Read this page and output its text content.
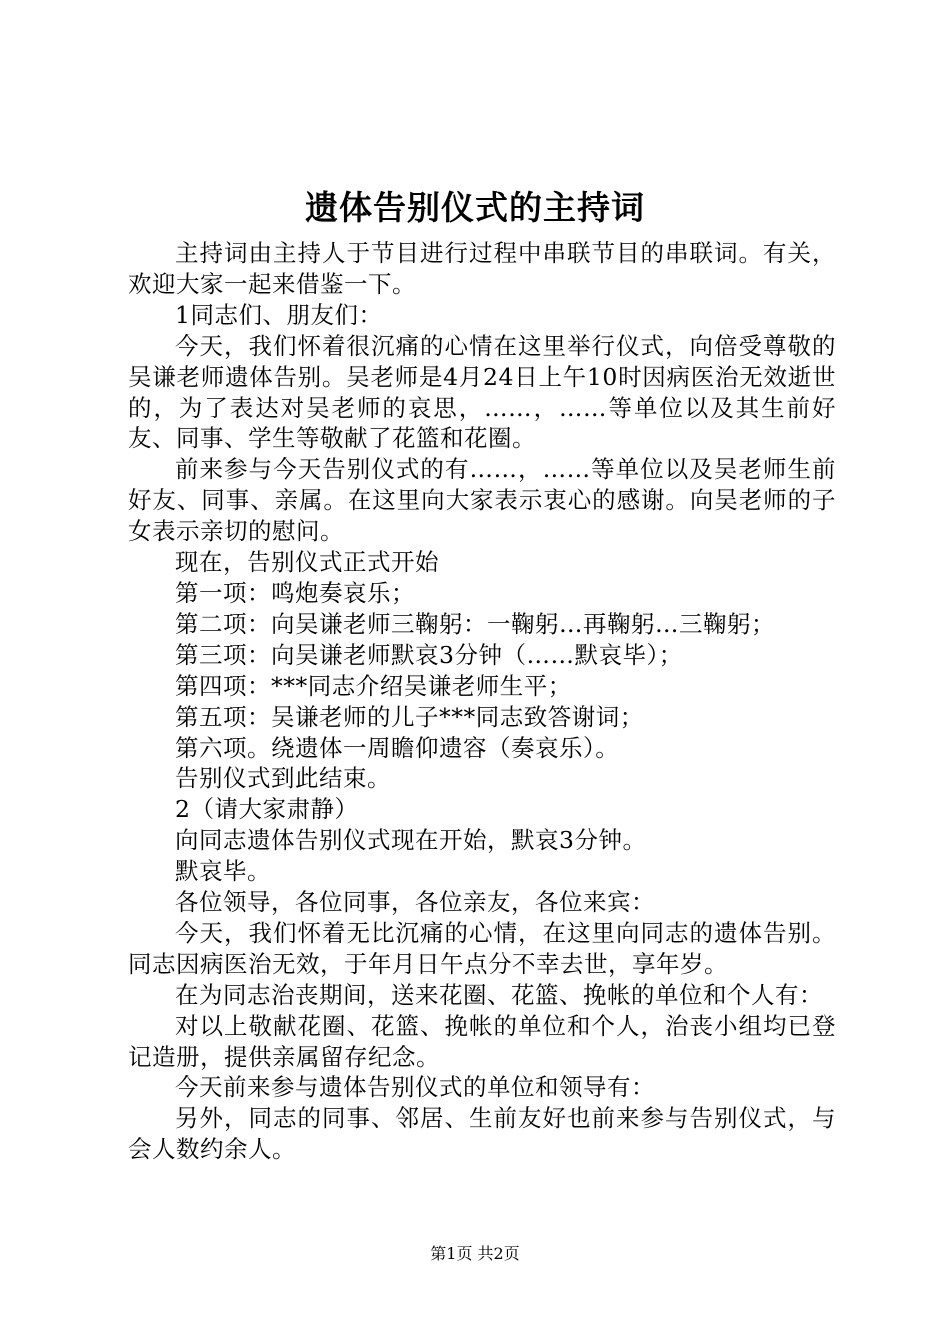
遗体告别仪式的主持词

主持词由主持人于节目进行过程中串联节目的串联词。有关，欢迎大家一起来借鉴一下。

1同志们、朋友们：

今天，我们怀着很沉痛的心情在这里举行仪式，向倍受尊敬的吴谦老师遗体告别。吴老师是4月24日上午10时因病医治无效逝世的，为了表达对吴老师的哀思，……，……等单位以及其生前好友、同事、学生等敬献了花篮和花圈。

前来参与今天告别仪式的有……，……等单位以及吴老师生前好友、同事、亲属。在这里向大家表示衷心的感谢。向吴老师的子女表示亲切的慰问。

现在，告别仪式正式开始

第一项：鸣炮奏哀乐；

第二项：向吴谦老师三鞠躬：一鞠躬…再鞠躬…三鞠躬；

第三项：向吴谦老师默哀3分钟（……默哀毕）；

第四项：***同志介绍吴谦老师生平；

第五项：吴谦老师的儿子***同志致答谢词；

第六项。绕遗体一周瞻仰遗容（奏哀乐）。

告别仪式到此结束。

2（请大家肃静）

向同志遗体告别仪式现在开始，默哀3分钟。

默哀毕。

各位领导，各位同事，各位亲友，各位来宾：

今天，我们怀着无比沉痛的心情，在这里向同志的遗体告别。同志因病医治无效，于年月日午点分不幸去世，享年岁。

在为同志治丧期间，送来花圈、花篮、挽帐的单位和个人有：

对以上敬献花圈、花篮、挽帐的单位和个人，治丧小组均已登记造册，提供亲属留存纪念。

今天前来参与遗体告别仪式的单位和领导有：

另外，同志的同事、邻居、生前友好也前来参与告别仪式，与会人数约余人。

第1页 共2页
